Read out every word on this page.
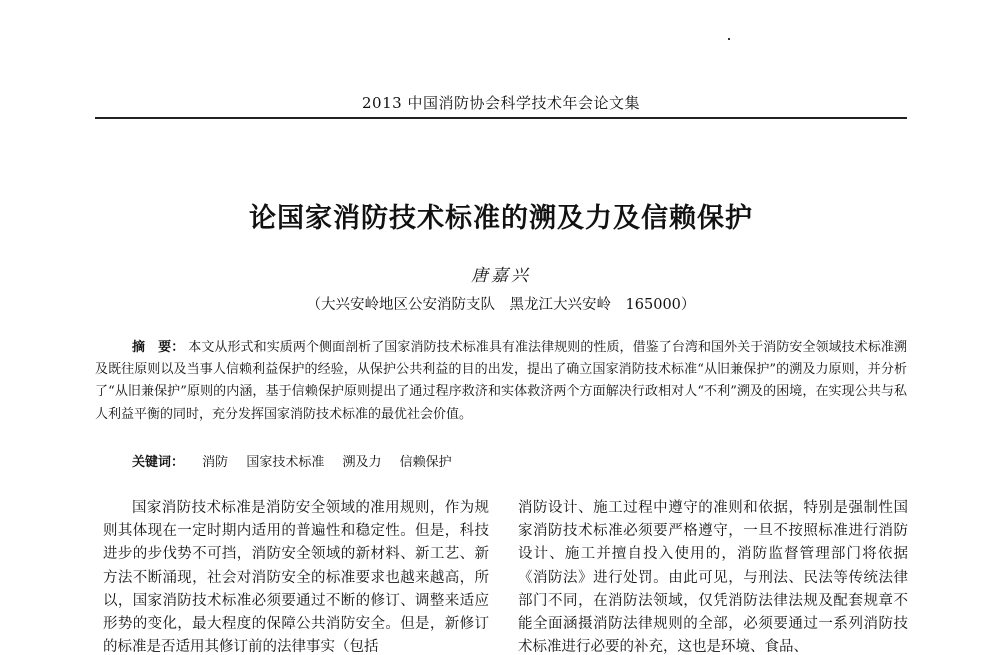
2013 中国消防协会科学技术年会论文集
论国家消防技术标准的溯及力及信赖保护
唐嘉兴
（大兴安岭地区公安消防支队　黑龙江大兴安岭　165000）
摘　要： 本文从形式和实质两个侧面剖析了国家消防技术标准具有准法律规则的性质，借鉴了台湾和国外关于消防安全领域技术标准溯及既往原则以及当事人信赖利益保护的经验，从保护公共利益的目的出发，提出了确立国家消防技术标准“从旧兼保护”的溯及力原则，并分析了“从旧兼保护”原则的内涵，基于信赖保护原则提出了通过程序救济和实体救济两个方面解决行政相对人“不利”溯及的困境，在实现公共与私人利益平衡的同时，充分发挥国家消防技术标准的最优社会价值。
关键词： 消防 国家技术标准 溯及力 信赖保护
国家消防技术标准是消防安全领域的准用规则，作为规则其体现在一定时期内适用的普遍性和稳定性。但是，科技进步的步伐势不可挡，消防安全领域的新材料、新工艺、新方法不断涌现，社会对消防安全的标准要求也越来越高，所以，国家消防技术标准必须要通过不断的修订、调整来适应形势的变化，最大程度的保障公共消防安全。但是，新修订的标准是否适用其修订前的法律事实（包括
消防设计、施工过程中遵守的准则和依据，特别是强制性国家消防技术标准必须要严格遵守，一旦不按照标准进行消防设计、施工并擅自投入使用的，消防监督管理部门将依据《消防法》进行处罚。由此可见，与刑法、民法等传统法律部门不同，在消防法领域，仅凭消防法律法规及配套规章不能全面涵摄消防法律规则的全部，必须要通过一系列消防技术标准进行必要的补充，这也是环境、食品、
